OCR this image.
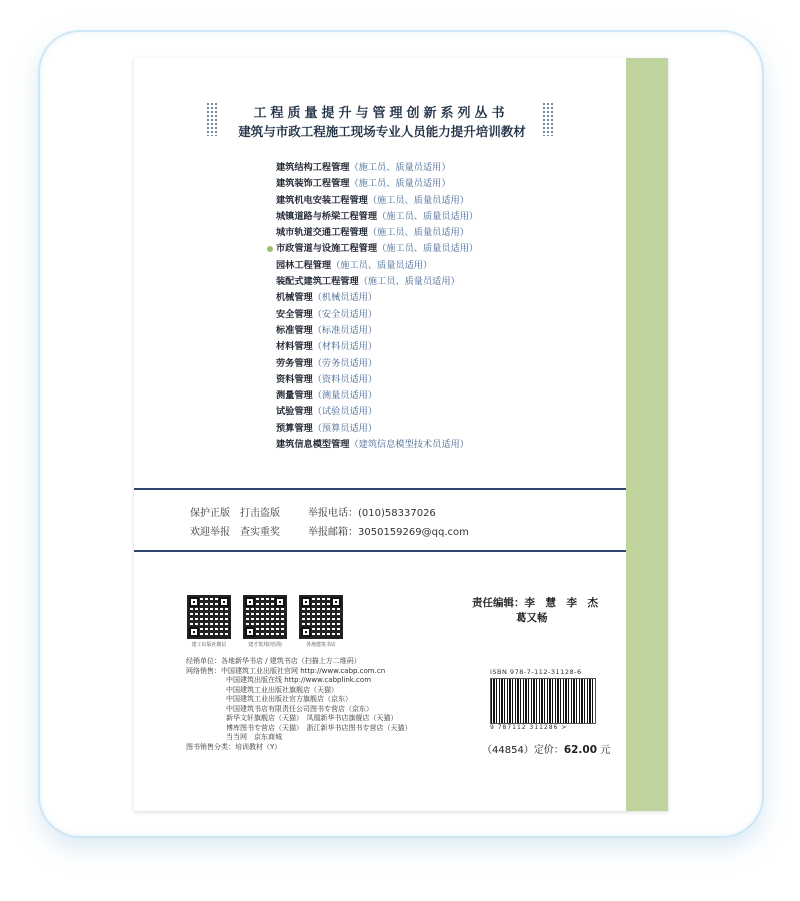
工程质量提升与管理创新系列丛书
建筑与市政工程施工现场专业人员能力提升培训教材
建筑结构工程管理（施工员、质量员适用）
建筑装饰工程管理（施工员、质量员适用）
建筑机电安装工程管理（施工员、质量员适用）
城镇道路与桥梁工程管理（施工员、质量员适用）
城市轨道交通工程管理（施工员、质量员适用）
市政管道与设施工程管理（施工员、质量员适用）
园林工程管理（施工员、质量员适用）
装配式建筑工程管理（施工员、质量员适用）
机械管理（机械员适用）
安全管理（安全员适用）
标准管理（标准员适用）
材料管理（材料员适用）
劳务管理（劳务员适用）
资料管理（资料员适用）
测量管理（测量员适用）
试验管理（试验员适用）
预算管理（预算员适用）
建筑信息模型管理（建筑信息模型技术员适用）
保护正版　打击盗版	举报电话：(010)58337026
欢迎举报　查实重奖	举报邮箱：3050159269@qq.com
建工出版社微信	建才筑邦(培训)	各地建筑书店
责任编辑：李　慧　李　杰
葛又畅
经销单位：各地新华书店 / 建筑书店（扫描上方二维码）
网络销售：中国建筑工业出版社官网 http://www.cabp.com.cn
中国建筑出版在线 http://www.cabplink.com
中国建筑工业出版社旗舰店（天猫）
中国建筑工业出版社官方旗舰店（京东）
中国建筑书店有限责任公司图书专营店（京东）
新华文轩旗舰店（天猫）　凤凰新华书店旗舰店（天猫）
博库图书专营店（天猫）　浙江新华书店图书专营店（天猫）
当当网　京东商城
图书销售分类：培训教材（Y）
ISBN 978-7-112-31128-6
9 787112 311286 >
（44854）定价：62.00 元
